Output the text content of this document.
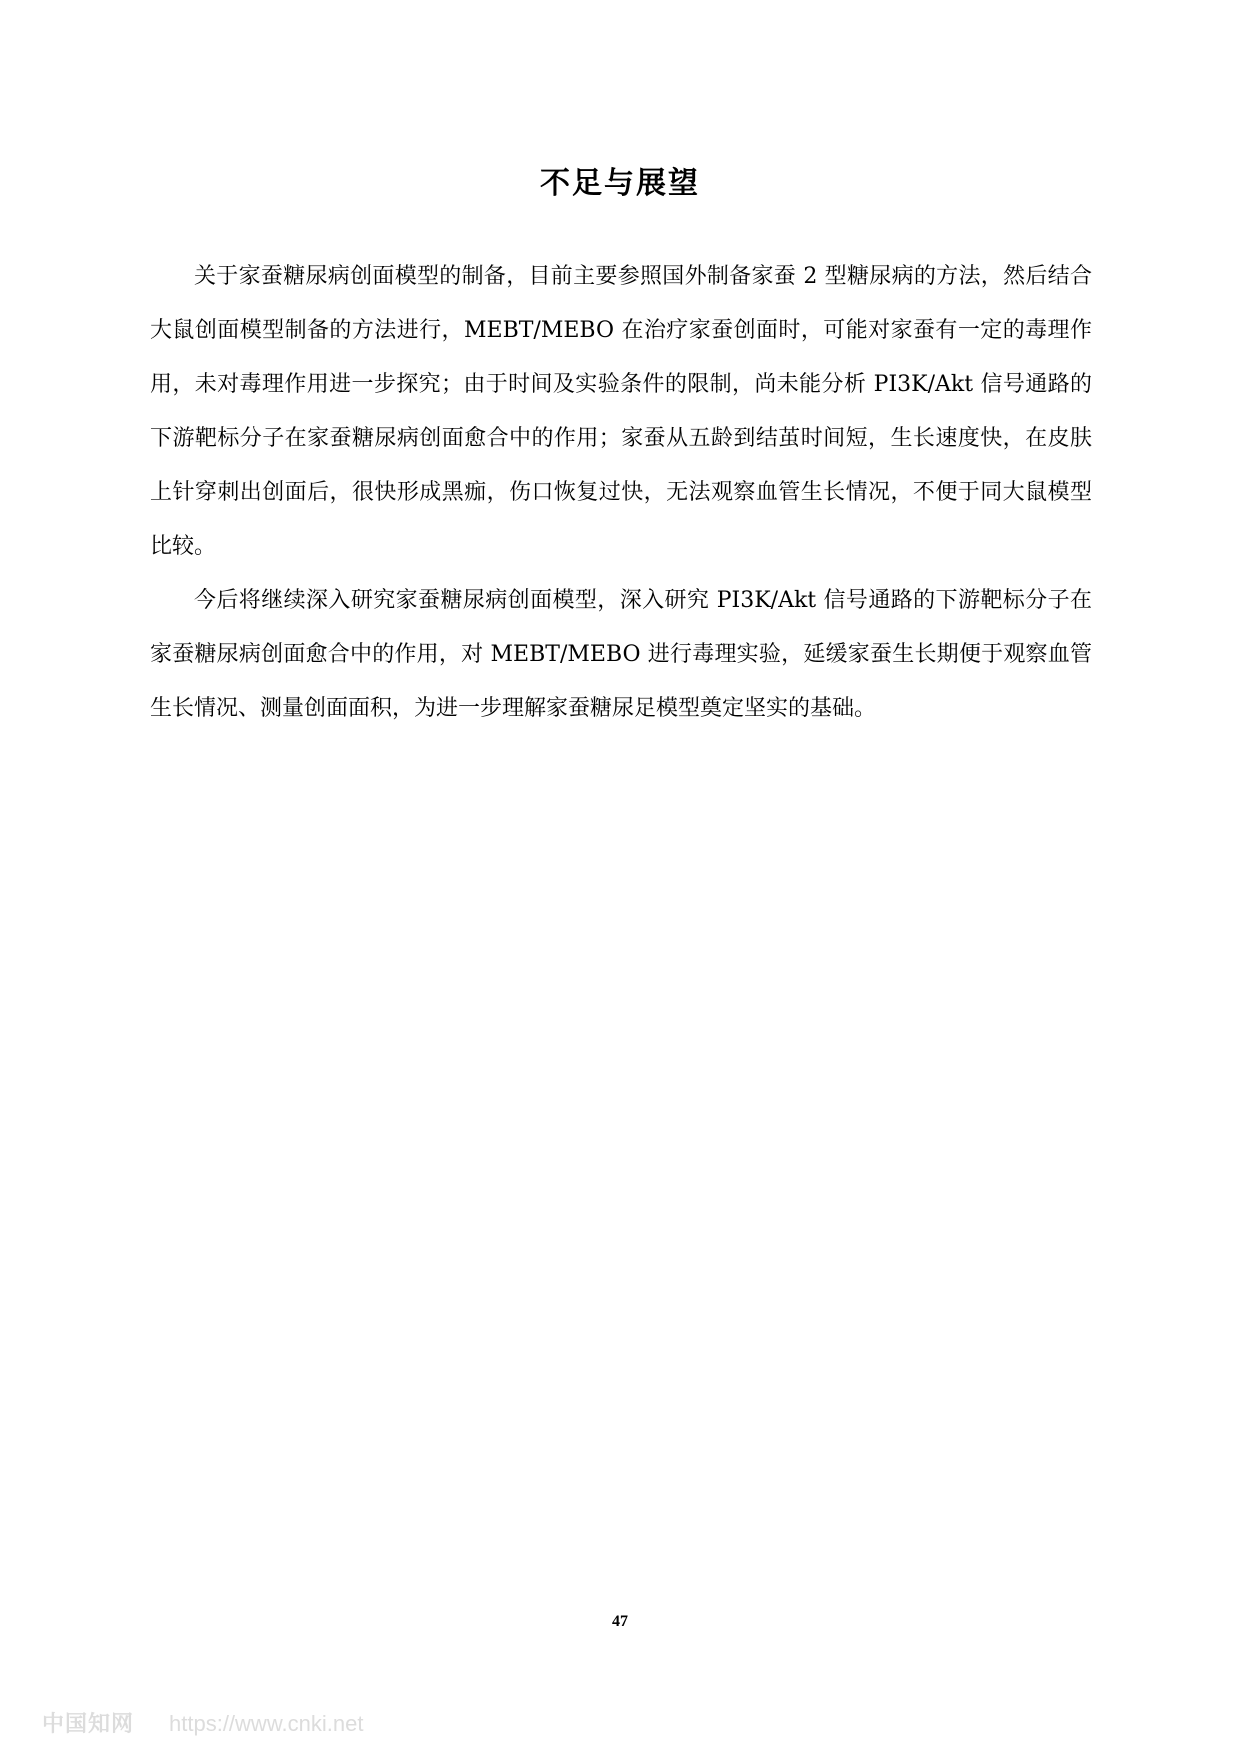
不足与展望

关于家蚕糖尿病创面模型的制备，目前主要参照国外制备家蚕 2 型糖尿病的方法，然后结合大鼠创面模型制备的方法进行，MEBT/MEBO 在治疗家蚕创面时，可能对家蚕有一定的毒理作用，未对毒理作用进一步探究；由于时间及实验条件的限制，尚未能分析 PI3K/Akt 信号通路的下游靶标分子在家蚕糖尿病创面愈合中的作用；家蚕从五龄到结茧时间短，生长速度快，在皮肤上针穿刺出创面后，很快形成黑痂，伤口恢复过快，无法观察血管生长情况，不便于同大鼠模型比较。

今后将继续深入研究家蚕糖尿病创面模型，深入研究 PI3K/Akt 信号通路的下游靶标分子在家蚕糖尿病创面愈合中的作用，对 MEBT/MEBO 进行毒理实验，延缓家蚕生长期便于观察血管生长情况、测量创面面积，为进一步理解家蚕糖尿足模型奠定坚实的基础。

47
中国知网 https://www.cnki.net
